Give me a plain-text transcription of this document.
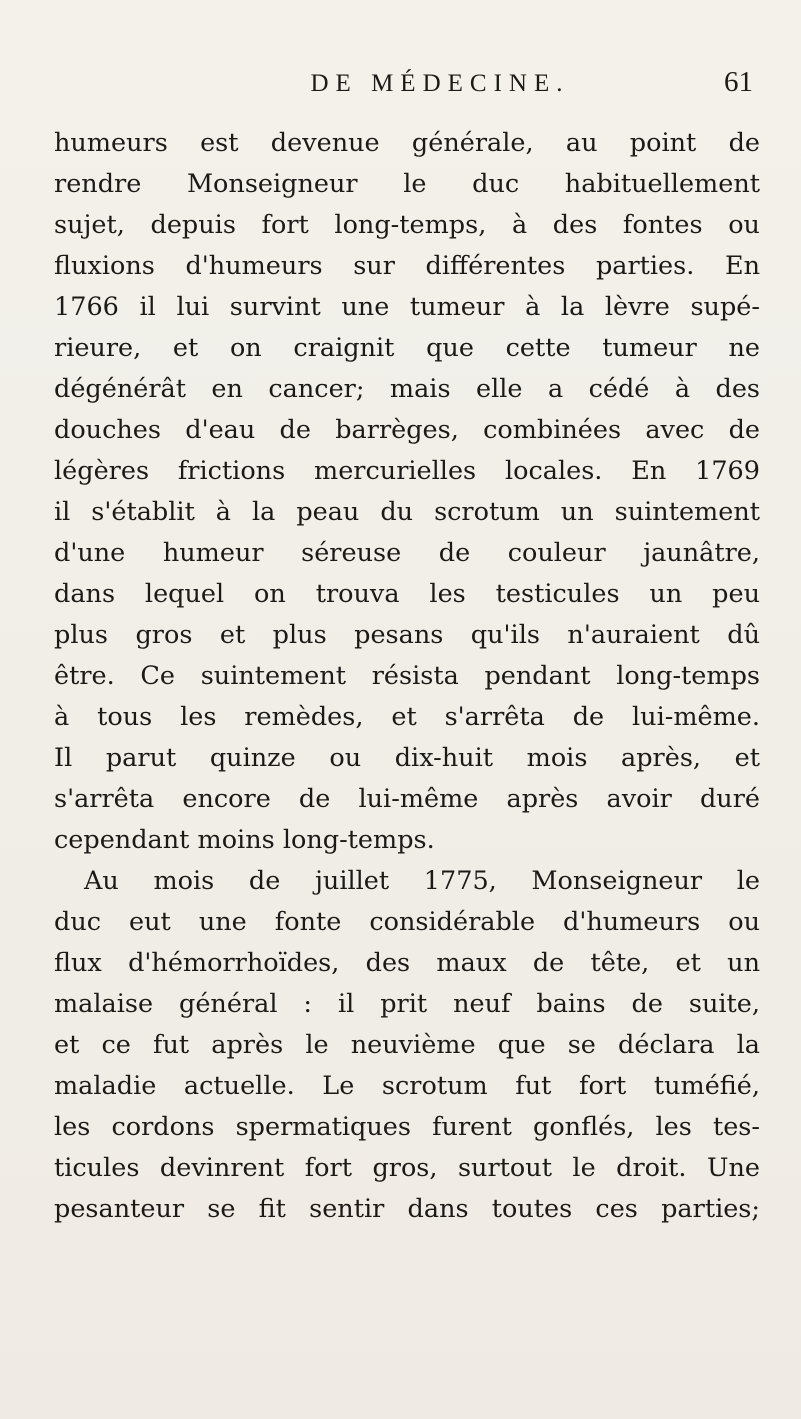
DE MÉDECINE.	61
humeurs est devenue générale, au point de
rendre Monseigneur le duc habituellement
sujet, depuis fort long-temps, à des fontes ou
fluxions d'humeurs sur différentes parties. En
1766 il lui survint une tumeur à la lèvre supé-
rieure, et on craignit que cette tumeur ne
dégénérât en cancer; mais elle a cédé à des
douches d'eau de barrèges, combinées avec de
légères frictions mercurielles locales. En 1769
il s'établit à la peau du scrotum un suintement
d'une humeur séreuse de couleur jaunâtre,
dans lequel on trouva les testicules un peu
plus gros et plus pesans qu'ils n'auraient dû
être. Ce suintement résista pendant long-temps
à tous les remèdes, et s'arrêta de lui-même.
Il parut quinze ou dix-huit mois après, et
s'arrêta encore de lui-même après avoir duré
cependant moins long-temps.
Au mois de juillet 1775, Monseigneur le
duc eut une fonte considérable d'humeurs ou
flux d'hémorrhoïdes, des maux de tête, et un
malaise général : il prit neuf bains de suite,
et ce fut après le neuvième que se déclara la
maladie actuelle. Le scrotum fut fort tuméfié,
les cordons spermatiques furent gonflés, les tes-
ticules devinrent fort gros, surtout le droit. Une
pesanteur se fit sentir dans toutes ces parties;
